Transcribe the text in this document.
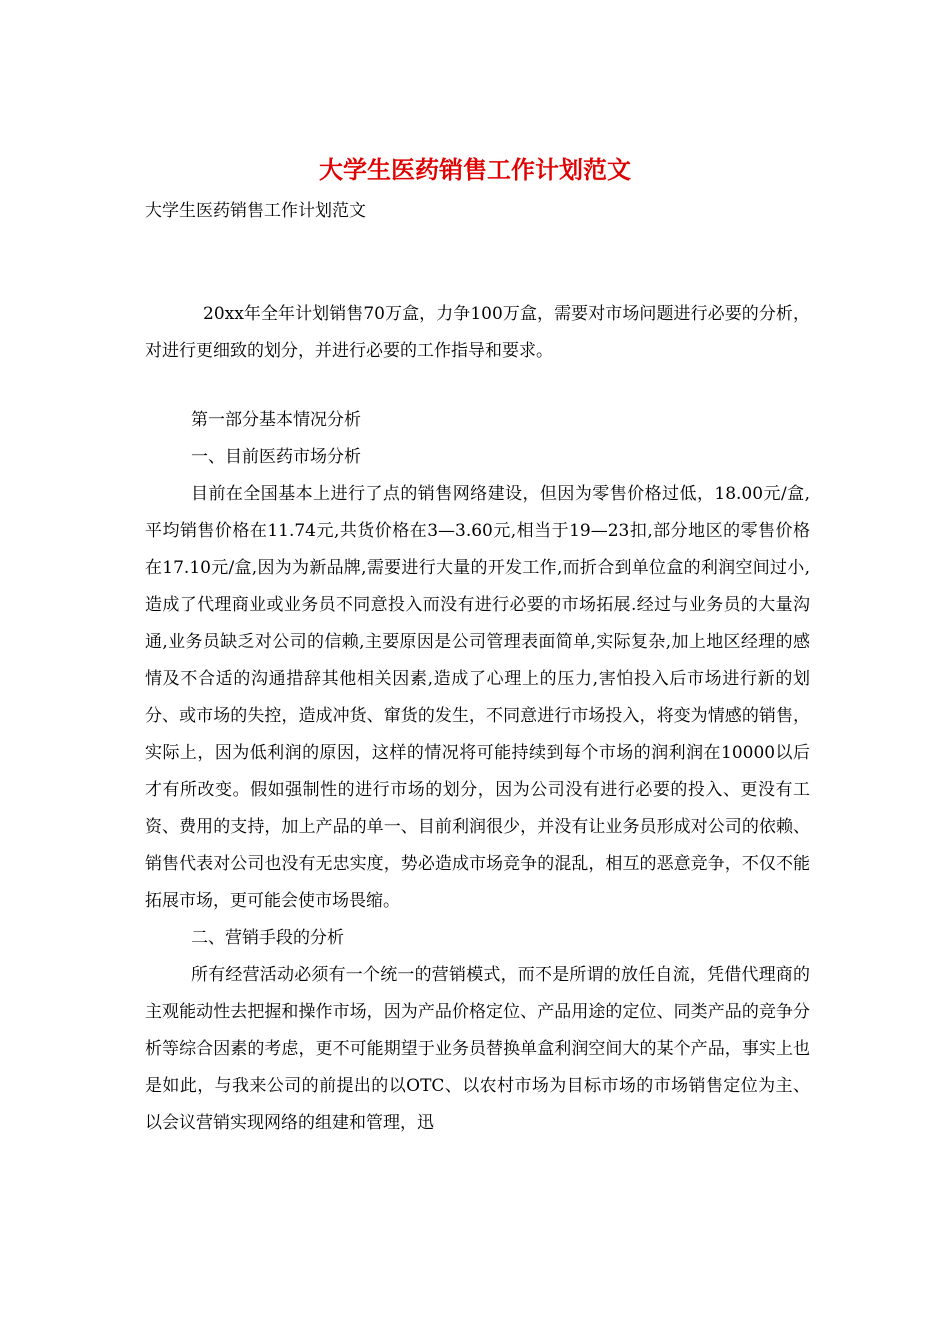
大学生医药销售工作计划范文
大学生医药销售工作计划范文

20xx年全年计划销售70万盒，力争100万盒，需要对市场问题进行必要的分析，对进行更细致的划分，并进行必要的工作指导和要求。

第一部分基本情况分析

一、目前医药市场分析

目前在全国基本上进行了点的销售网络建设，但因为零售价格过低，18.00元/盒,平均销售价格在11.74元,共货价格在3—3.60元,相当于19—23扣,部分地区的零售价格在17.10元/盒,因为为新品牌,需要进行大量的开发工作,而折合到单位盒的利润空间过小,造成了代理商业或业务员不同意投入而没有进行必要的市场拓展.经过与业务员的大量沟通,业务员缺乏对公司的信赖,主要原因是公司管理表面简单,实际复杂,加上地区经理的感情及不合适的沟通措辞其他相关因素,造成了心理上的压力,害怕投入后市场进行新的划分、或市场的失控，造成冲货、窜货的发生，不同意进行市场投入，将变为情感的销售，实际上，因为低利润的原因，这样的情况将可能持续到每个市场的润利润在10000以后才有所改变。假如强制性的进行市场的划分，因为公司没有进行必要的投入、更没有工资、费用的支持，加上产品的单一、目前利润很少，并没有让业务员形成对公司的依赖、销售代表对公司也没有无忠实度，势必造成市场竞争的混乱，相互的恶意竞争，不仅不能拓展市场，更可能会使市场畏缩。

二、营销手段的分析

所有经营活动必须有一个统一的营销模式，而不是所谓的放任自流，凭借代理商的主观能动性去把握和操作市场，因为产品价格定位、产品用途的定位、同类产品的竞争分析等综合因素的考虑，更不可能期望于业务员替换单盒利润空间大的某个产品，事实上也是如此，与我来公司的前提出的以OTC、以农村市场为目标市场的市场销售定位为主、以会议营销实现网络的组建和管理，迅
